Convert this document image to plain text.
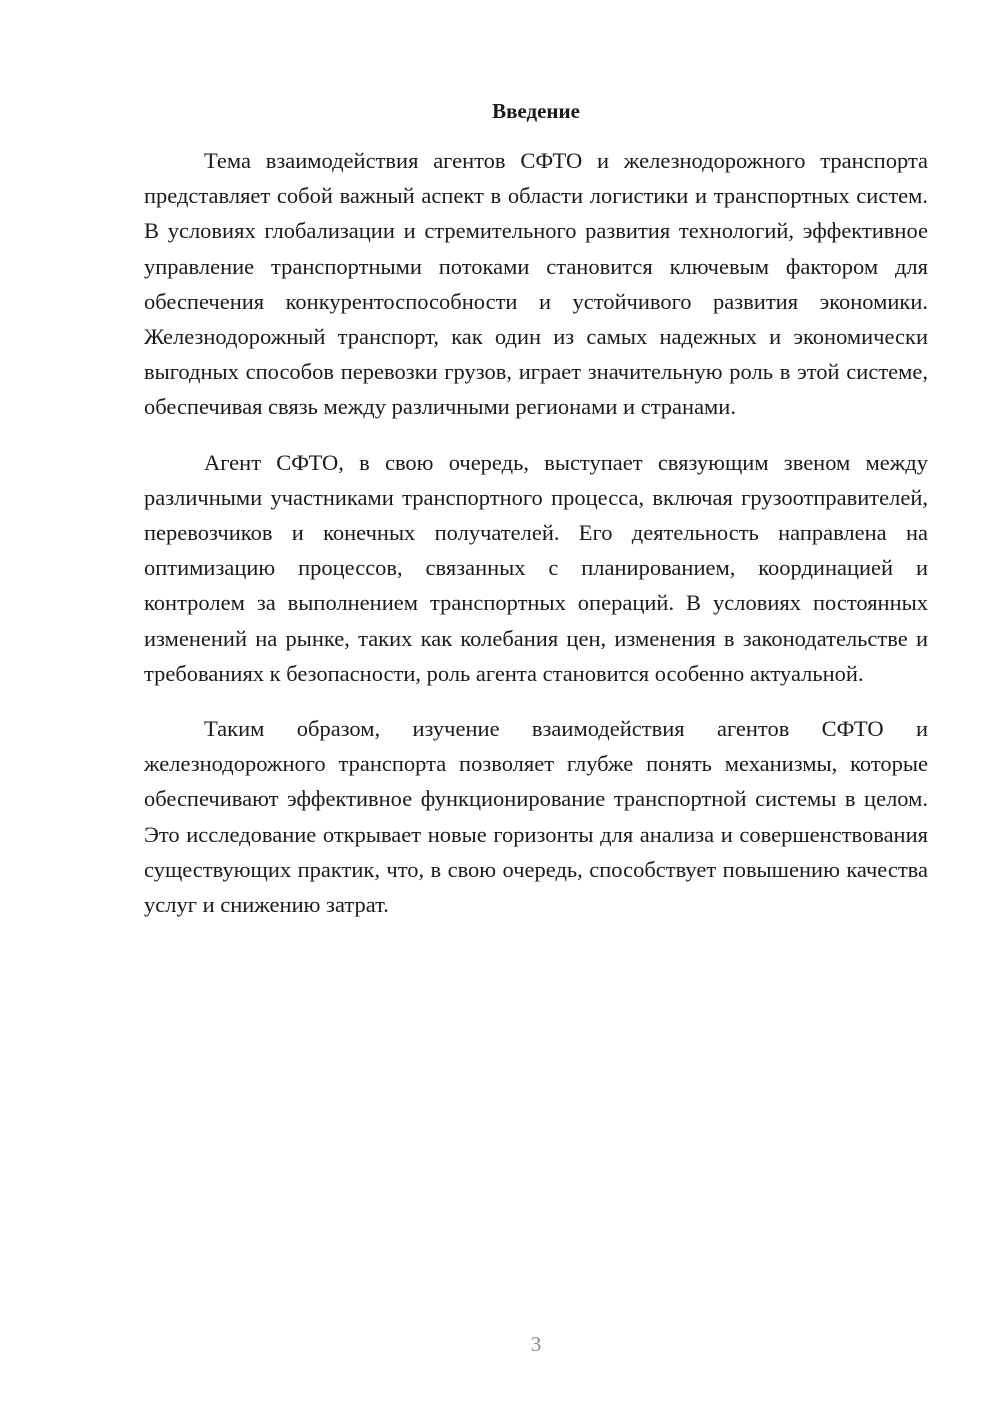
Введение

Тема взаимодействия агентов СФТО и железнодорожного транспорта представляет собой важный аспект в области логистики и транспортных систем. В условиях глобализации и стремительного развития технологий, эффективное управление транспортными потоками становится ключевым фактором для обеспечения конкурентоспособности и устойчивого развития экономики. Железнодорожный транспорт, как один из самых надежных и экономически выгодных способов перевозки грузов, играет значительную роль в этой системе, обеспечивая связь между различными регионами и странами.

Агент СФТО, в свою очередь, выступает связующим звеном между различными участниками транспортного процесса, включая грузоотправителей, перевозчиков и конечных получателей. Его деятельность направлена на оптимизацию процессов, связанных с планированием, координацией и контролем за выполнением транспортных операций. В условиях постоянных изменений на рынке, таких как колебания цен, изменения в законодательстве и требованиях к безопасности, роль агента становится особенно актуальной.

Таким образом, изучение взаимодействия агентов СФТО и железнодорожного транспорта позволяет глубже понять механизмы, которые обеспечивают эффективное функционирование транспортной системы в целом. Это исследование открывает новые горизонты для анализа и совершенствования существующих практик, что, в свою очередь, способствует повышению качества услуг и снижению затрат.

3
